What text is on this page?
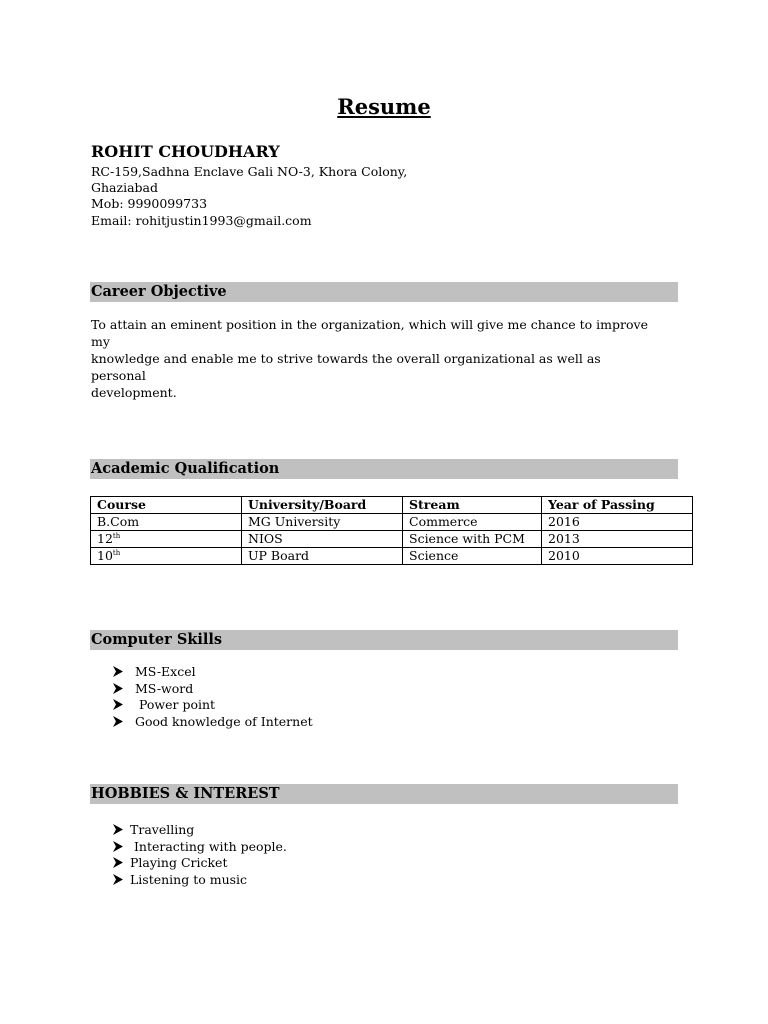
Resume
ROHIT CHOUDHARY
RC-159,Sadhna Enclave Gali NO-3, Khora Colony,
Ghaziabad
Mob: 9990099733
Email: rohitjustin1993@gmail.com
Career Objective
To attain an eminent position in the organization, which will give me chance to improve my
knowledge and enable me to strive towards the overall organizational as well as personal
development.
Academic Qualification
Course	University/Board	Stream	Year of Passing
B.Com	MG University	Commerce	2016
12th	NIOS	Science with PCM	2013
10th	UP Board	Science	2010
Computer Skills
MS-Excel
MS-word
Power point
Good knowledge of Internet
HOBBIES & INTEREST
Travelling
Interacting with people.
Playing Cricket
Listening to music
